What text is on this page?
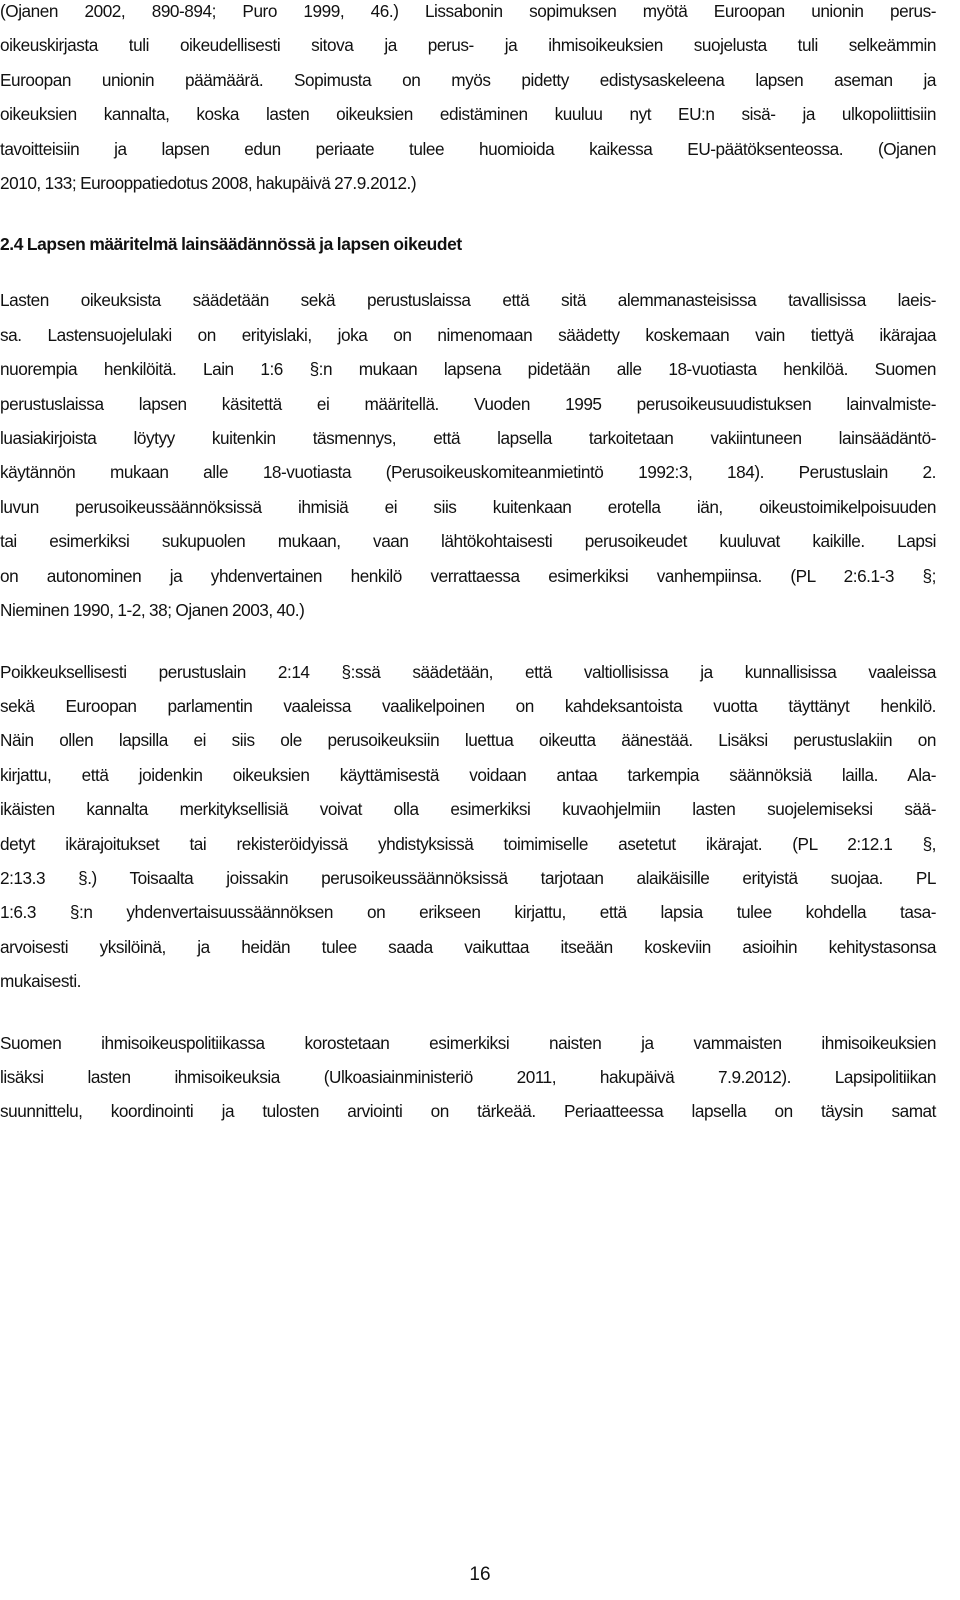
(Ojanen 2002, 890-894; Puro 1999, 46.) Lissabonin sopimuksen myötä Euroopan unionin perus-
oikeuskirjasta tuli oikeudellisesti sitova ja perus- ja ihmisoikeuksien suojelusta tuli selkeämmin
Euroopan unionin päämäärä. Sopimusta on myös pidetty edistysaskeleena lapsen aseman ja
oikeuksien kannalta, koska lasten oikeuksien edistäminen kuuluu nyt EU:n sisä- ja ulkopoliittisiin
tavoitteisiin ja lapsen edun periaate tulee huomioida kaikessa EU-päätöksenteossa. (Ojanen
2010, 133; Eurooppatiedotus 2008, hakupäivä 27.9.2012.)
2.4 Lapsen määritelmä lainsäädännössä ja lapsen oikeudet
Lasten oikeuksista säädetään sekä perustuslaissa että sitä alemmanasteisissa tavallisissa laeis-
sa. Lastensuojelulaki on erityislaki, joka on nimenomaan säädetty koskemaan vain tiettyä ikärajaa
nuorempia henkilöitä. Lain 1:6 §:n mukaan lapsena pidetään alle 18-vuotiasta henkilöä. Suomen
perustuslaissa lapsen käsitettä ei määritellä. Vuoden 1995 perusoikeusuudistuksen lainvalmiste-
luasiakirjoista löytyy kuitenkin täsmennys, että lapsella tarkoitetaan vakiintuneen lainsäädäntö-
käytännön mukaan alle 18-vuotiasta (Perusoikeuskomiteanmietintö 1992:3, 184). Perustuslain 2.
luvun perusoikeussäännöksissä ihmisiä ei siis kuitenkaan erotella iän, oikeustoimikelpoisuuden
tai esimerkiksi sukupuolen mukaan, vaan lähtökohtaisesti perusoikeudet kuuluvat kaikille. Lapsi
on autonominen ja yhdenvertainen henkilö verrattaessa esimerkiksi vanhempiinsa. (PL 2:6.1-3 §;
Nieminen 1990, 1-2, 38; Ojanen 2003, 40.)
Poikkeuksellisesti perustuslain 2:14 §:ssä säädetään, että valtiollisissa ja kunnallisissa vaaleissa
sekä Euroopan parlamentin vaaleissa vaalikelpoinen on kahdeksantoista vuotta täyttänyt henkilö.
Näin ollen lapsilla ei siis ole perusoikeuksiin luettua oikeutta äänestää. Lisäksi perustuslakiin on
kirjattu, että joidenkin oikeuksien käyttämisestä voidaan antaa tarkempia säännöksiä lailla. Ala-
ikäisten kannalta merkityksellisiä voivat olla esimerkiksi kuvaohjelmiin lasten suojelemiseksi sää-
detyt ikärajoitukset tai rekisteröidyissä yhdistyksissä toimimiselle asetetut ikärajat. (PL 2:12.1 §,
2:13.3 §.) Toisaalta joissakin perusoikeussäännöksissä tarjotaan alaikäisille erityistä suojaa. PL
1:6.3 §:n yhdenvertaisuussäännöksen on erikseen kirjattu, että lapsia tulee kohdella tasa-
arvoisesti yksilöinä, ja heidän tulee saada vaikuttaa itseään koskeviin asioihin kehitystasonsa
mukaisesti.
Suomen ihmisoikeuspolitiikassa korostetaan esimerkiksi naisten ja vammaisten ihmisoikeuksien
lisäksi lasten ihmisoikeuksia (Ulkoasiainministeriö 2011, hakupäivä 7.9.2012). Lapsipolitiikan
suunnittelu, koordinointi ja tulosten arviointi on tärkeää. Periaatteessa lapsella on täysin samat
16
